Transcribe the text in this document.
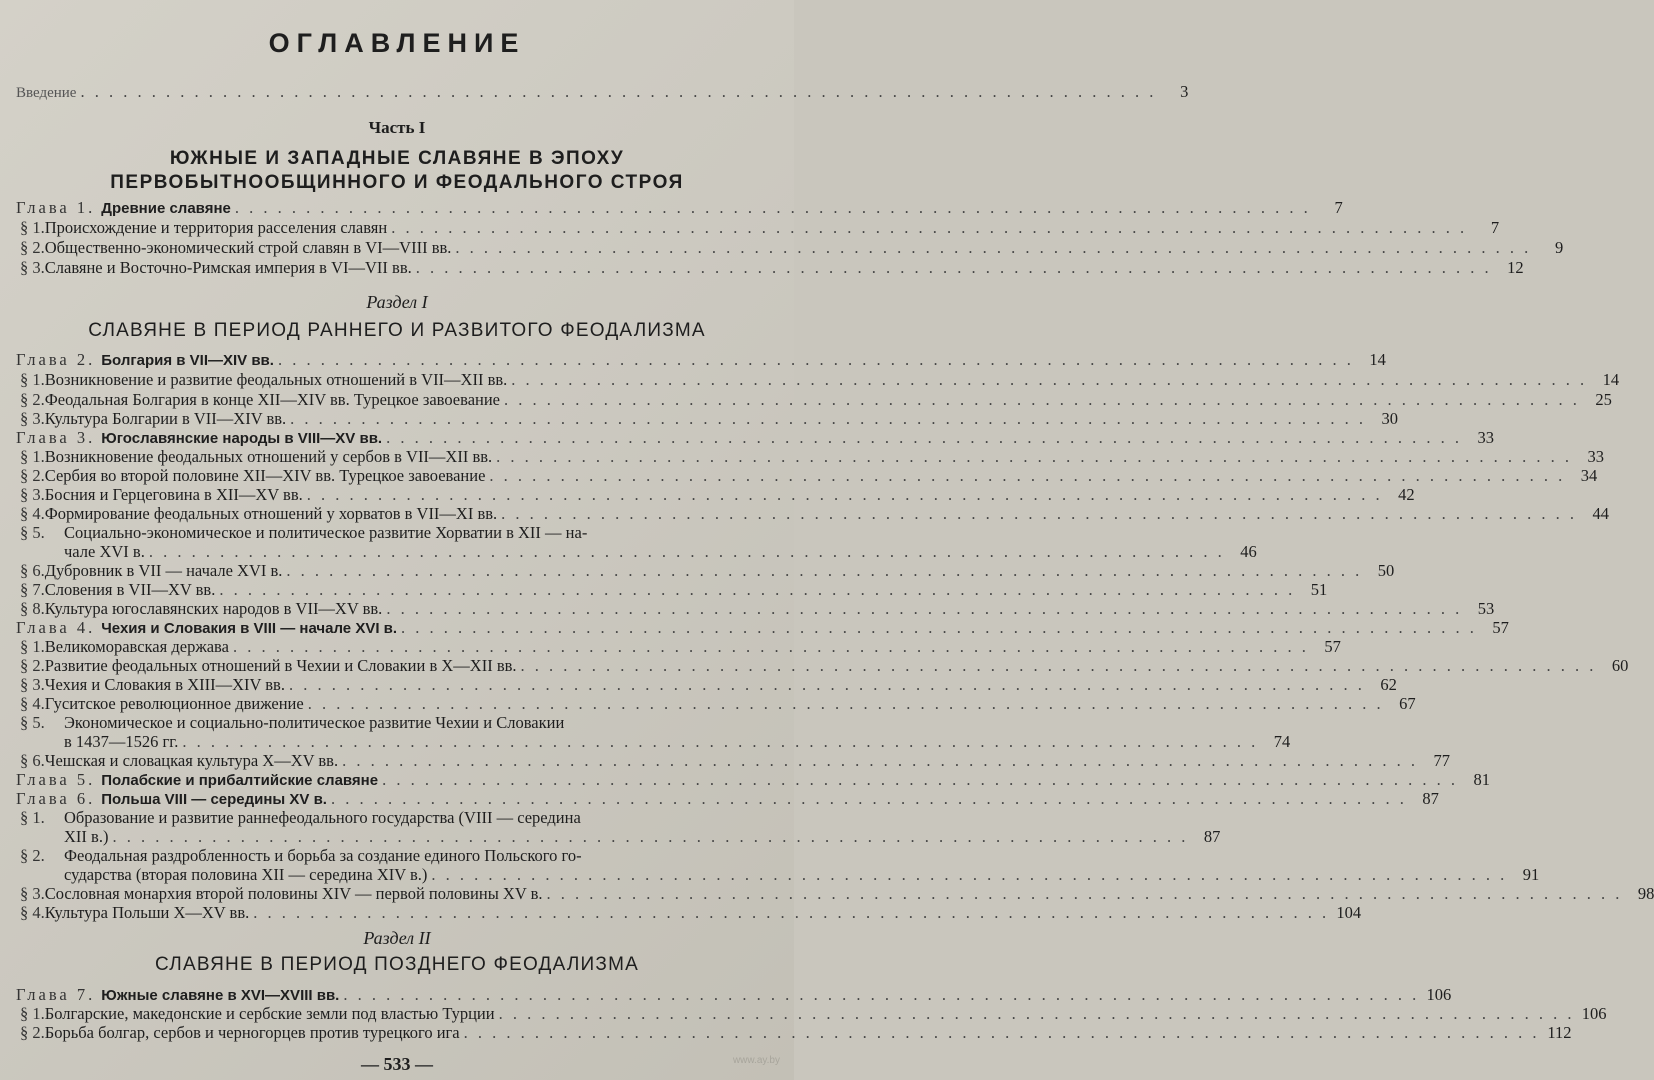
ОГЛАВЛЕНИЕ
Введение . . .	3
Часть I
ЮЖНЫЕ И ЗАПАДНЫЕ СЛАВЯНЕ В ЭПОХУ
ПЕРВОБЫТНООБЩИННОГО И ФЕОДАЛЬНОГО СТРОЯ
Глава 1. Древние славяне . . .	7
§ 1. Происхождение и территория расселения славян . . .	7
§ 2. Общественно-экономический строй славян в VI—VIII вв. . . .	9
§ 3. Славяне и Восточно-Римская империя в VI—VII вв. . . .	12
Раздел I
СЛАВЯНЕ В ПЕРИОД РАННЕГО И РАЗВИТОГО ФЕОДАЛИЗМА
Глава 2. Болгария в VII—XIV вв. . . .	14
§ 1. Возникновение и развитие феодальных отношений в VII—XII вв. . . .	14
§ 2. Феодальная Болгария в конце XII—XIV вв. Турецкое завоевание . . .	25
§ 3. Культура Болгарии в VII—XIV вв. . . .	30
Глава 3. Югославянские народы в VIII—XV вв. . . .	33
§ 1. Возникновение феодальных отношений у сербов в VII—XII вв. . . .	33
§ 2. Сербия во второй половине XII—XIV вв. Турецкое завоевание . . .	34
§ 3. Босния и Герцеговина в XII—XV вв. . . .	42
§ 4. Формирование феодальных отношений у хорватов в VII—XI вв. . . .	44
§ 5.	Социально-экономическое и политическое развитие Хорватии в XII — на-
чале XVI в. . . .	46
§ 6. Дубровник в VII — начале XVI в. . . .	50
§ 7. Словения в VII—XV вв. . . .	51
§ 8. Культура югославянских народов в VII—XV вв. . . .	53
Глава 4. Чехия и Словакия в VIII — начале XVI в. . . .	57
§ 1. Великоморавская держава . . .	57
§ 2. Развитие феодальных отношений в Чехии и Словакии в X—XII вв. . . .	60
§ 3. Чехия и Словакия в XIII—XIV вв. . . .	62
§ 4. Гуситское революционное движение . . .	67
§ 5.	Экономическое и социально-политическое развитие Чехии и Словакии
в 1437—1526 гг. . . .	74
§ 6. Чешская и словацкая культура X—XV вв. . . .	77
Глава 5. Полабские и прибалтийские славяне . . .	81
Глава 6. Польша VIII — середины XV в. . . .	87
§ 1.	Образование и развитие раннефеодального государства (VIII — середина
XII в.) . . .	87
§ 2.	Феодальная раздробленность и борьба за создание единого Польского го-
сударства (вторая половина XII — середина XIV в.) . . .	91
§ 3. Сословная монархия второй половины XIV — первой половины XV в. . . .	98
§ 4. Культура Польши X—XV вв. . . .	104
Раздел II
СЛАВЯНЕ В ПЕРИОД ПОЗДНЕГО ФЕОДАЛИЗМА
Глава 7. Южные славяне в XVI—XVIII вв. . . .	106
§ 1. Болгарские, македонские и сербские земли под властью Турции . . .	106
§ 2. Борьба болгар, сербов и черногорцев против турецкого ига . . .	112
— 533 —	www.ay.by
